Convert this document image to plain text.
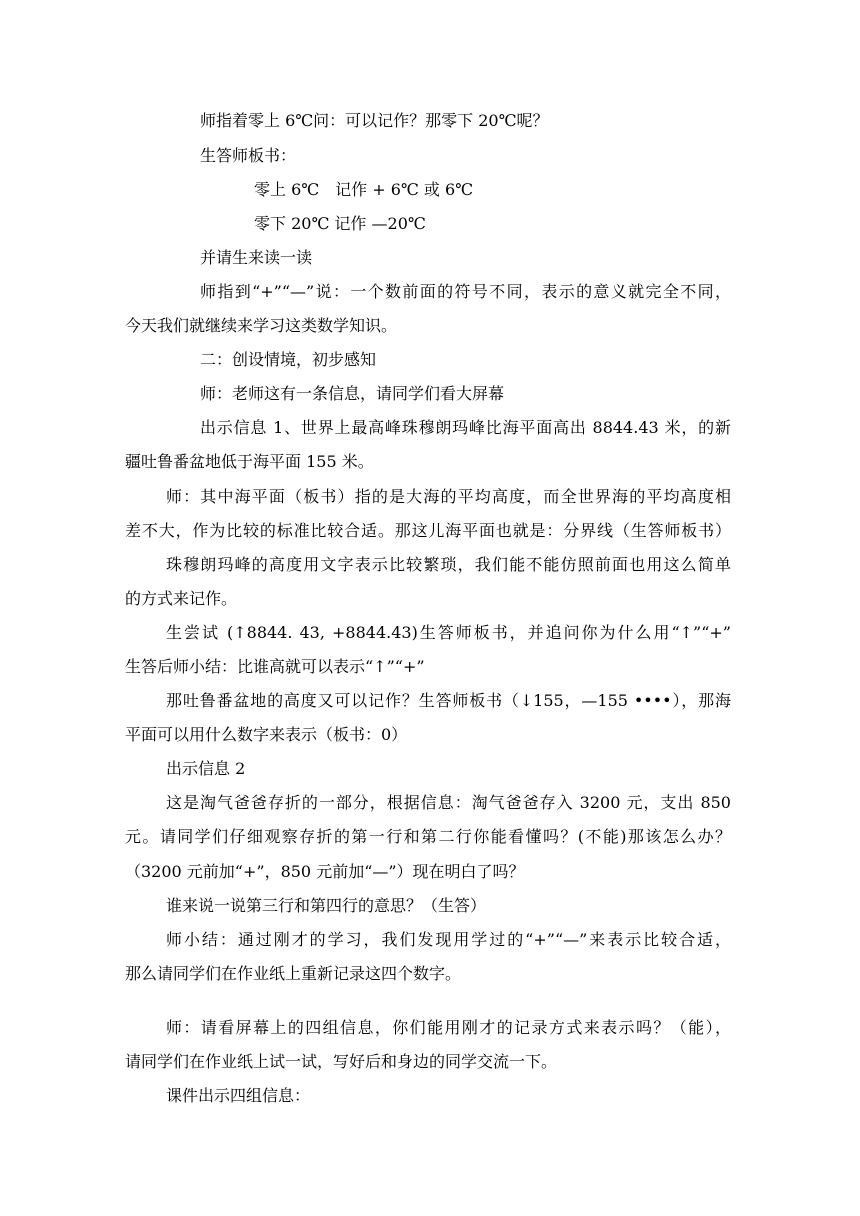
师指着零上 6℃问：可以记作？那零下 20℃呢？
生答师板书：
零上 6℃　记作 + 6℃ 或 6℃
零下 20℃ 记作 —20℃
并请生来读一读
师指到“+”“—”说：一个数前面的符号不同，表示的意义就完全不同，
今天我们就继续来学习这类数学知识。
二：创设情境，初步感知
师：老师这有一条信息，请同学们看大屏幕
出示信息 1、世界上最高峰珠穆朗玛峰比海平面高出 8844.43 米，的新
疆吐鲁番盆地低于海平面 155 米。
师：其中海平面（板书）指的是大海的平均高度，而全世界海的平均高度相
差不大，作为比较的标准比较合适。那这儿海平面也就是：分界线（生答师板书）
珠穆朗玛峰的高度用文字表示比较繁琐，我们能不能仿照前面也用这么简单
的方式来记作。
生尝试 (↑8844. 43, +8844.43)生答师板书，并追问你为什么用“↑”“+”
生答后师小结：比谁高就可以表示“↑”“+”
那吐鲁番盆地的高度又可以记作？生答师板书（↓155，—155 ••••），那海
平面可以用什么数字来表示（板书：0）
出示信息 2
这是淘气爸爸存折的一部分，根据信息：淘气爸爸存入 3200 元，支出 850
元。请同学们仔细观察存折的第一行和第二行你能看懂吗？(不能)那该怎么办？
（3200 元前加“+”，850 元前加“—”）现在明白了吗？
谁来说一说第三行和第四行的意思？（生答）
师小结：通过刚才的学习，我们发现用学过的“+”“—”来表示比较合适，
那么请同学们在作业纸上重新记录这四个数字。
师：请看屏幕上的四组信息，你们能用刚才的记录方式来表示吗？（能），
请同学们在作业纸上试一试，写好后和身边的同学交流一下。
课件出示四组信息：
